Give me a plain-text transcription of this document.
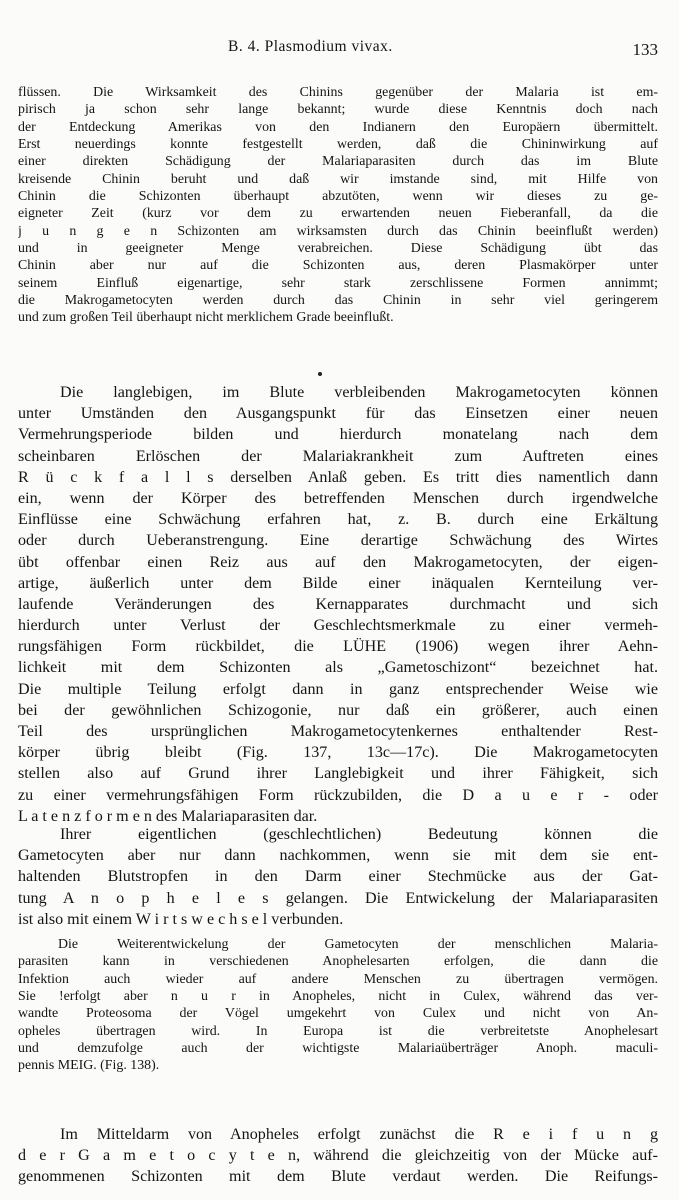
B. 4. Plasmodium vivax.	133
flüssen. Die Wirksamkeit des Chinins gegenüber der Malaria ist em-
pirisch ja schon sehr lange bekannt; wurde diese Kenntnis doch nach
der Entdeckung Amerikas von den Indianern den Europäern übermittelt.
Erst neuerdings konnte festgestellt werden, daß die Chininwirkung auf
einer direkten Schädigung der Malariaparasiten durch das im Blute
kreisende Chinin beruht und daß wir imstande sind, mit Hilfe von
Chinin die Schizonten überhaupt abzutöten, wenn wir dieses zu ge-
eigneter Zeit (kurz vor dem zu erwartenden neuen Fieberanfall, da die
j u n g e n Schizonten am wirksamsten durch das Chinin beeinflußt werden)
und in geeigneter Menge verabreichen. Diese Schädigung übt das
Chinin aber nur auf die Schizonten aus, deren Plasmakörper unter
seinem Einfluß eigenartige, sehr stark zerschlissene Formen annimmt;
die Makrogametocyten werden durch das Chinin in sehr viel geringerem
und zum großen Teil überhaupt nicht merklichem Grade beeinflußt.
Die langlebigen, im Blute verbleibenden Makrogametocyten können
unter Umständen den Ausgangspunkt für das Einsetzen einer neuen
Vermehrungsperiode bilden und hierdurch monatelang nach dem
scheinbaren Erlöschen der Malariakrankheit zum Auftreten eines
R ü c k f a l l s derselben Anlaß geben. Es tritt dies namentlich dann
ein, wenn der Körper des betreffenden Menschen durch irgendwelche
Einflüsse eine Schwächung erfahren hat, z. B. durch eine Erkältung
oder durch Ueberanstrengung. Eine derartige Schwächung des Wirtes
übt offenbar einen Reiz aus auf den Makrogametocyten, der eigen-
artige, äußerlich unter dem Bilde einer inäqualen Kernteilung ver-
laufende Veränderungen des Kernapparates durchmacht und sich
hierdurch unter Verlust der Geschlechtsmerkmale zu einer vermeh-
rungsfähigen Form rückbildet, die LÜHE (1906) wegen ihrer Aehn-
lichkeit mit dem Schizonten als „Gametoschizont“ bezeichnet hat.
Die multiple Teilung erfolgt dann in ganz entsprechender Weise wie
bei der gewöhnlichen Schizogonie, nur daß ein größerer, auch einen
Teil des ursprünglichen Makrogametocytenkernes enthaltender Rest-
körper übrig bleibt (Fig. 137, 13c—17c). Die Makrogametocyten
stellen also auf Grund ihrer Langlebigkeit und ihrer Fähigkeit, sich
zu einer vermehrungsfähigen Form rückzubilden, die D a u e r - oder
L a t e n z f o r m e n des Malariaparasiten dar.
Ihrer eigentlichen (geschlechtlichen) Bedeutung können die
Gametocyten aber nur dann nachkommen, wenn sie mit dem sie ent-
haltenden Blutstropfen in den Darm einer Stechmücke aus der Gat-
tung A n o p h e l e s gelangen. Die Entwickelung der Malariaparasiten
ist also mit einem W i r t s w e c h s e l verbunden.
Die Weiterentwickelung der Gametocyten der menschlichen Malaria-
parasiten kann in verschiedenen Anophelesarten erfolgen, die dann die
Infektion auch wieder auf andere Menschen zu übertragen vermögen.
Sie !erfolgt aber n u r in Anopheles, nicht in Culex, während das ver-
wandte Proteosoma der Vögel umgekehrt von Culex und nicht von An-
opheles übertragen wird. In Europa ist die verbreitetste Anophelesart
und demzufolge auch der wichtigste Malariaüberträger Anoph. maculi-
pennis MEIG. (Fig. 138).
Im Mitteldarm von Anopheles erfolgt zunächst die R e i f u n g
d e r G a m e t o c y t e n, während die gleichzeitig von der Mücke auf-
genommenen Schizonten mit dem Blute verdaut werden. Die Reifungs-
